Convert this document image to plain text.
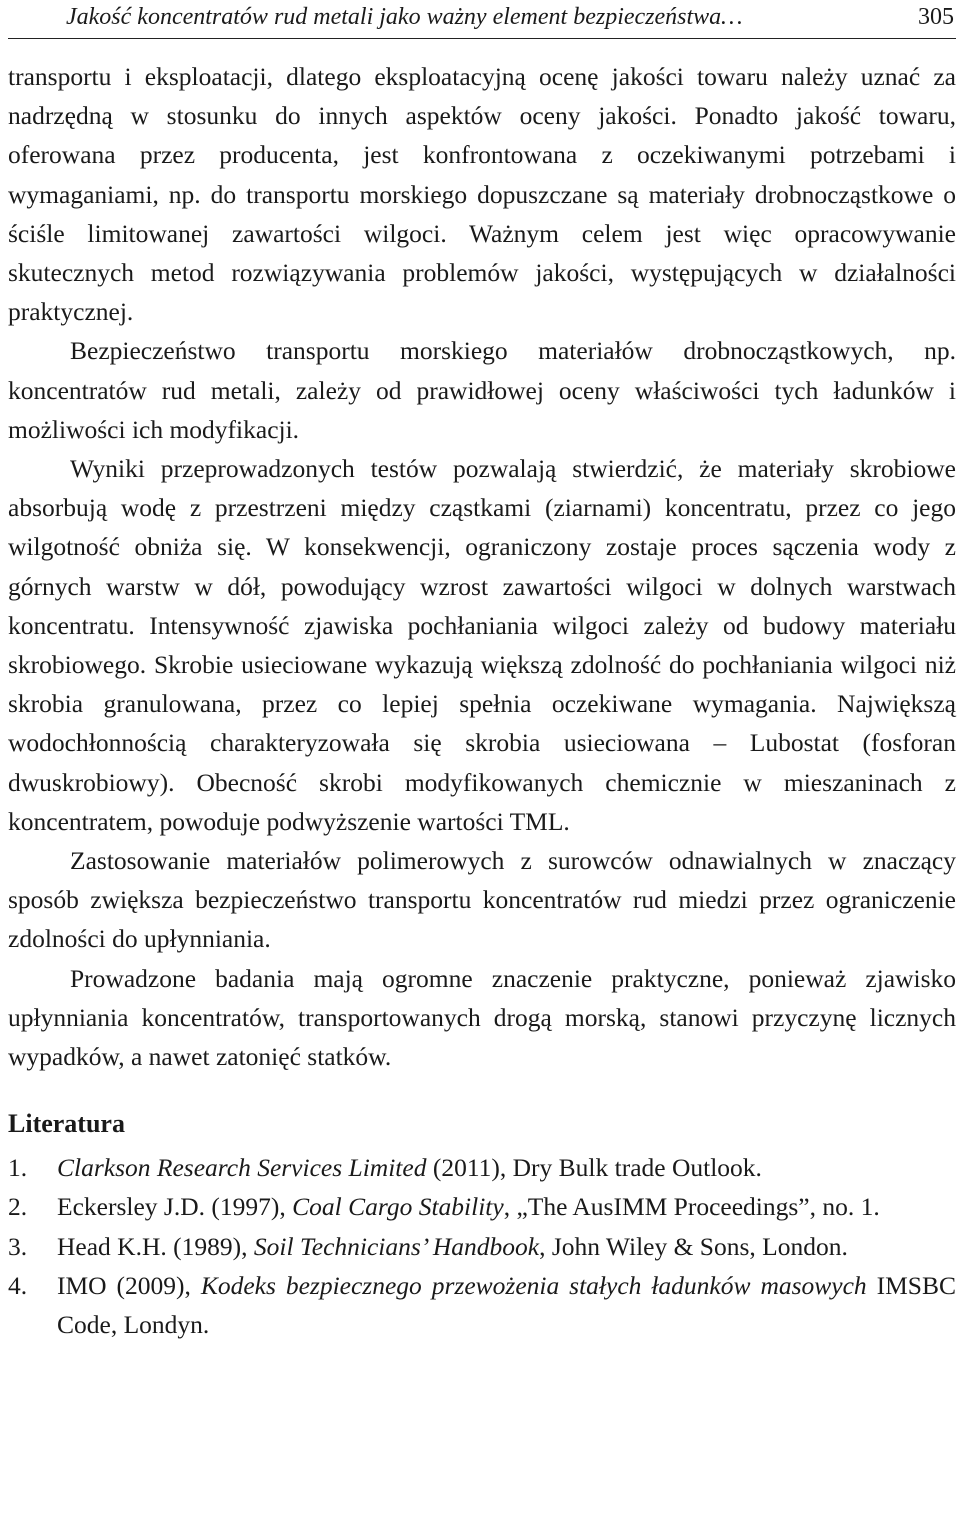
Jakość koncentratów rud metali jako ważny element bezpieczeństwa…	305

transportu i eksploatacji, dlatego eksploatacyjną ocenę jakości towaru należy uznać za nadrzędną w stosunku do innych aspektów oceny jakości. Ponadto jakość towaru, oferowana przez producenta, jest konfrontowana z oczekiwanymi potrzebami i wymaganiami, np. do transportu morskiego dopuszczane są materiały drobnocząstkowe o ściśle limitowanej zawartości wilgoci. Ważnym celem jest więc opracowywanie skutecznych metod rozwiązywania problemów jakości, występujących w działalności praktycznej.

Bezpieczeństwo transportu morskiego materiałów drobnocząstkowych, np. koncentratów rud metali, zależy od prawidłowej oceny właściwości tych ładunków i możliwości ich modyfikacji.

Wyniki przeprowadzonych testów pozwalają stwierdzić, że materiały skrobiowe absorbują wodę z przestrzeni między cząstkami (ziarnami) koncentratu, przez co jego wilgotność obniża się. W konsekwencji, ograniczony zostaje proces sączenia wody z górnych warstw w dół, powodujący wzrost zawartości wilgoci w dolnych warstwach koncentratu. Intensywność zjawiska pochłaniania wilgoci zależy od budowy materiału skrobiowego. Skrobie usieciowane wykazują większą zdolność do pochłaniania wilgoci niż skrobia granulowana, przez co lepiej spełnia oczekiwane wymagania. Największą wodochłonnością charakteryzowała się skrobia usieciowana – Lubostat (fosforan dwuskrobiowy). Obecność skrobi modyfikowanych chemicznie w mieszaninach z koncentratem, powoduje podwyższenie wartości TML.

Zastosowanie materiałów polimerowych z surowców odnawialnych w znaczący sposób zwiększa bezpieczeństwo transportu koncentratów rud miedzi przez ograniczenie zdolności do upłynniania.

Prowadzone badania mają ogromne znaczenie praktyczne, ponieważ zjawisko upłynniania koncentratów, transportowanych drogą morską, stanowi przyczynę licznych wypadków, a nawet zatonięć statków.

Literatura
1. Clarkson Research Services Limited (2011), Dry Bulk trade Outlook.
2. Eckersley J.D. (1997), Coal Cargo Stability, „The AusIMM Proceedings”, no. 1.
3. Head K.H. (1989), Soil Technicians’ Handbook, John Wiley & Sons, London.
4. IMO (2009), Kodeks bezpiecznego przewożenia stałych ładunków masowych IMSBC Code, Londyn.
